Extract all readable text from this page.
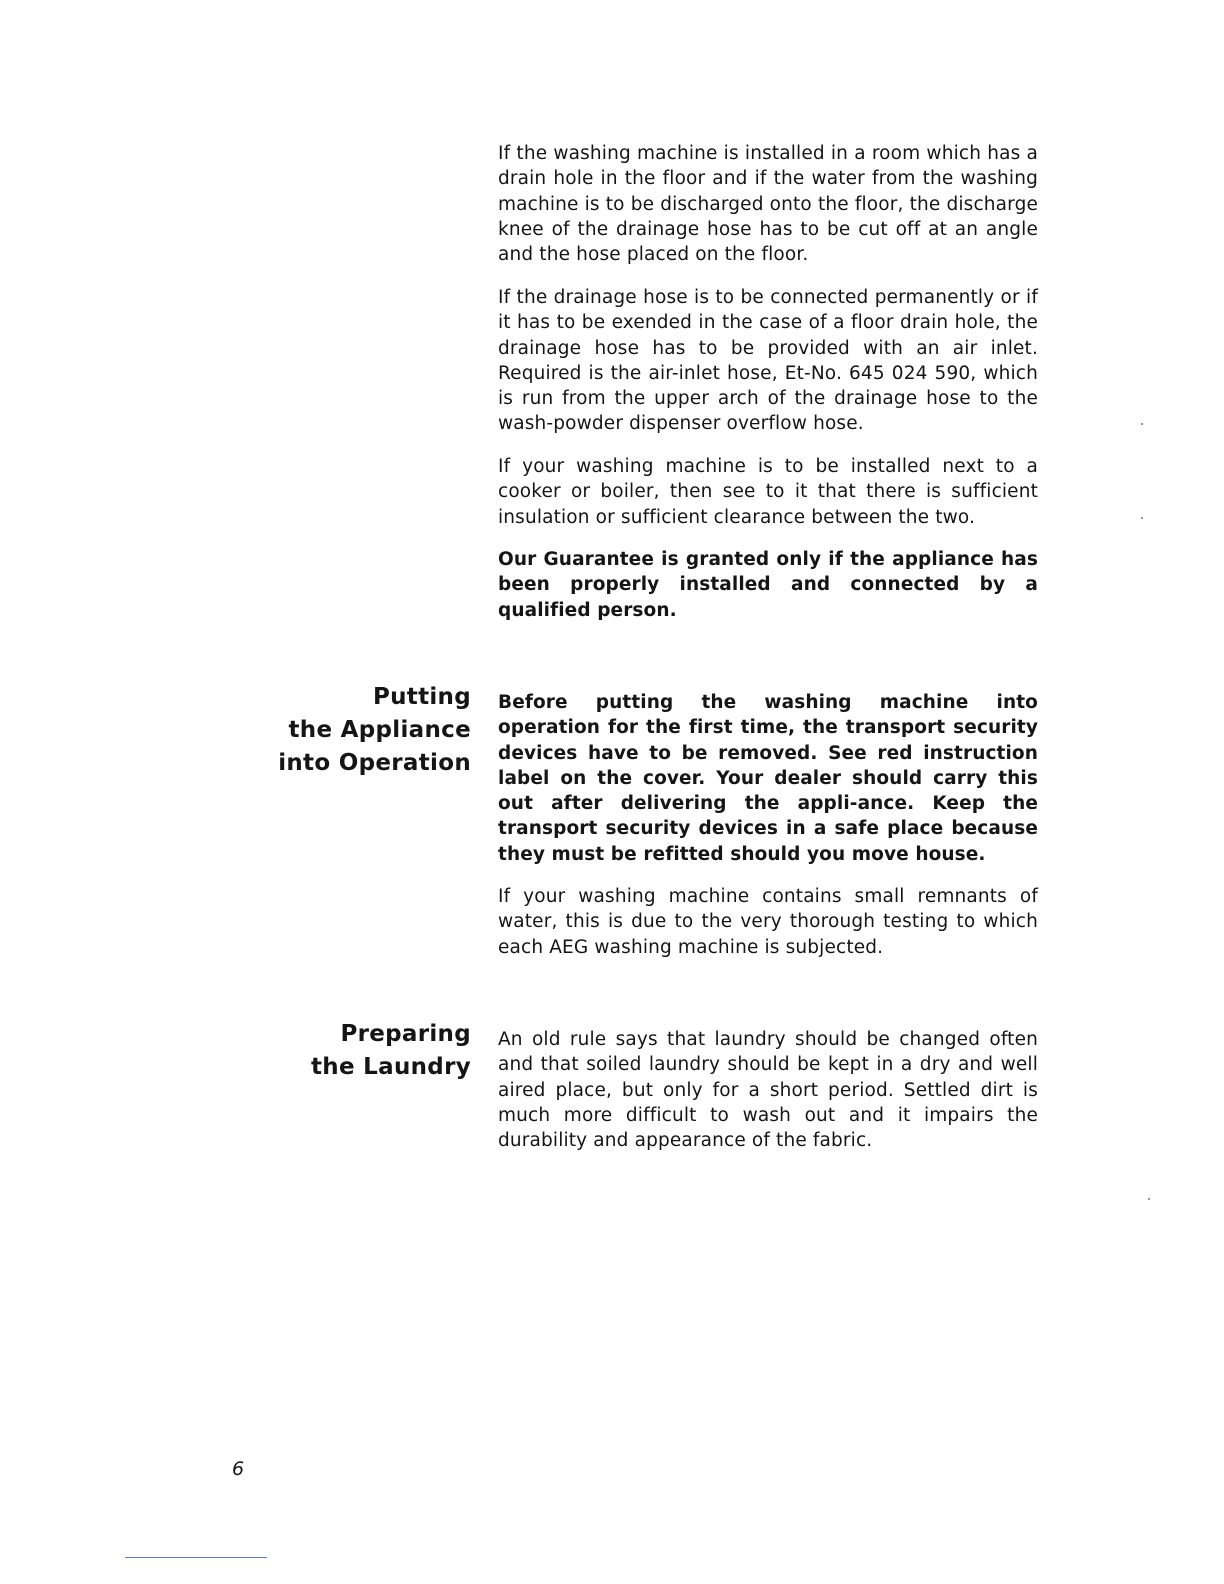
If the washing machine is installed in a room which has a drain hole in the floor and if the water from the washing machine is to be discharged onto the floor, the discharge knee of the drainage hose has to be cut off at an angle and the hose placed on the floor.

If the drainage hose is to be connected permanently or if it has to be exended in the case of a floor drain hole, the drainage hose has to be provided with an air inlet. Required is the air-inlet hose, Et-No. 645 024 590, which is run from the upper arch of the drainage hose to the wash-powder dispenser overflow hose.

If your washing machine is to be installed next to a cooker or boiler, then see to it that there is sufficient insulation or sufficient clearance between the two.

Our Guarantee is granted only if the appliance has been properly installed and connected by a qualified person.

Putting
the Appliance
into Operation

Before putting the washing machine into operation for the first time, the transport security devices have to be removed. See red instruction label on the cover. Your dealer should carry this out after delivering the appli-ance. Keep the transport security devices in a safe place because they must be refitted should you move house.

If your washing machine contains small remnants of water, this is due to the very thorough testing to which each AEG washing machine is subjected.

Preparing
the Laundry

An old rule says that laundry should be changed often and that soiled laundry should be kept in a dry and well aired place, but only for a short period. Settled dirt is much more difficult to wash out and it impairs the durability and appearance of the fabric.

6
